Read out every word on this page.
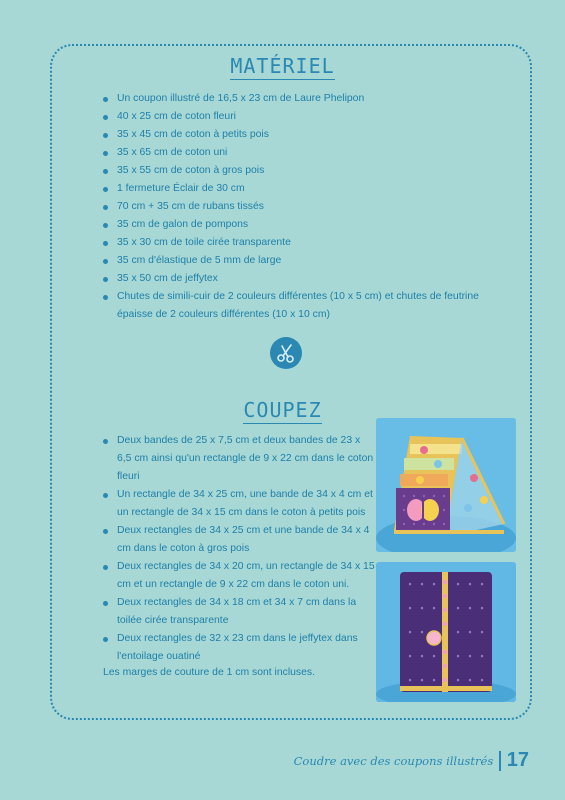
MATÉRIEL
Un coupon illustré de 16,5 x 23 cm de Laure Phelipon
40 x 25 cm de coton fleuri
35 x 45 cm de coton à petits pois
35 x 65 cm de coton uni
35 x 55 cm de coton à gros pois
1 fermeture Éclair de 30 cm
70 cm + 35 cm de rubans tissés
35 cm de galon de pompons
35 x 30 cm de toile cirée transparente
35 cm d'élastique de 5 mm de large
35 x 50 cm de jeffytex
Chutes de simili-cuir de 2 couleurs différentes (10 x 5 cm) et chutes de feutrine épaisse de 2 couleurs différentes (10 x 10 cm)
COUPEZ
Deux bandes de 25 x 7,5 cm et deux bandes de 23 x 6,5 cm ainsi qu'un rectangle de 9 x 22 cm dans le coton fleuri
Un rectangle de 34 x 25 cm, une bande de 34 x 4 cm et un rectangle de 34 x 15 cm dans le coton à petits pois
Deux rectangles de 34 x 25 cm et une bande de 34 x 4 cm dans le coton à gros pois
Deux rectangles de 34 x 20 cm, un rectangle de 34 x 15 cm et un rectangle de 9 x 22 cm dans le coton uni.
Deux rectangles de 34 x 18 cm et 34 x 7 cm dans la toilée cirée transparente
Deux rectangles de 32 x 23 cm dans le jeffytex dans l'entoilage ouatiné
Les marges de couture de 1 cm sont incluses.
Coudre avec des coupons illustrés 17
